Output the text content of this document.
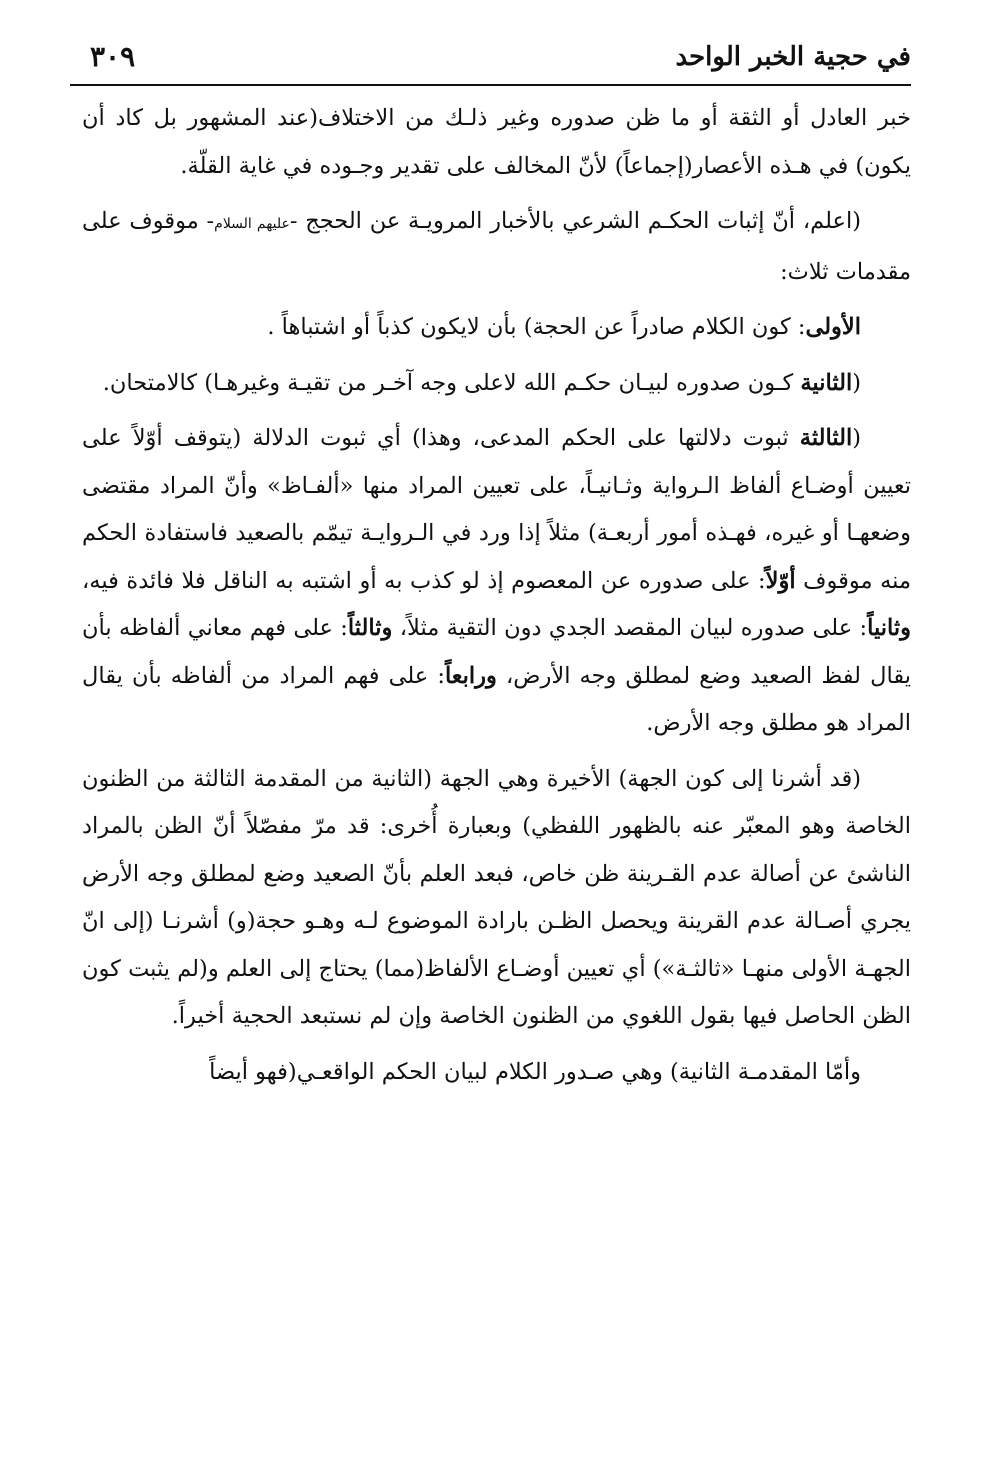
في حجية الخبر الواحد
٣٠٩

خبر العادل أو الثقة أو ما ظن صدوره وغير ذلـك من الاختلاف(عند المشهور بل كاد أن يكون) في هـذه الأعصار(إجماعاً) لأنّ المخالف على تقدير وجـوده في غاية القلّة.

(اعلم، أنّ إثبات الحكـم الشرعي بالأخبار المرويـة عن الحجج -عليهم السلام- موقوف على مقدمات ثلاث:

الأولى: كون الكلام صادراً عن الحجة) بأن لايكون كذباً أو اشتباهاً .

(الثانية كـون صدوره لبيـان حكـم الله لاعلى وجه آخـر من تقيـة وغيرهـا) كالامتحان.

(الثالثة ثبوت دلالتها على الحكم المدعى، وهذا) أي ثبوت الدلالة (يتوقف أوّلاً على تعيين أوضـاع ألفاظ الـرواية وثـانيـاً، على تعيين المراد منها «ألفـاظ» وأنّ المراد مقتضى وضعهـا أو غيره، فهـذه أمور أربعـة) مثلاً إذا ورد في الـروايـة تيمّم بالصعيد فاستفادة الحكم منه موقوف أوّلاً: على صدوره عن المعصوم إذ لو كذب به أو اشتبه به الناقل فلا فائدة فيه، وثانياً: على صدوره لبيان المقصد الجدي دون التقية مثلاً، وثالثاً: على فهم معاني ألفاظه بأن يقال لفظ الصعيد وضع لمطلق وجه الأرض، ورابعاً: على فهم المراد من ألفاظه بأن يقال المراد هو مطلق وجه الأرض.

(قد أشرنا إلى كون الجهة) الأخيرة وهي الجهة (الثانية من المقدمة الثالثة من الظنون الخاصة وهو المعبّر عنه بالظهور اللفظي) وبعبارة أُخرى: قد مرّ مفصّلاً أنّ الظن بالمراد الناشئ عن أصالة عدم القـرينة ظن خاص، فبعد العلم بأنّ الصعيد وضع لمطلق وجه الأرض يجري أصـالة عدم القرينة ويحصل الظـن بارادة الموضوع لـه وهـو حجة(و) أشرنـا (إلى انّ الجهـة الأولى منهـا «ثالثـة») أي تعيين أوضـاع الألفاظ(مما) يحتاج إلى العلم و(لم يثبت كون الظن الحاصل فيها بقول اللغوي من الظنون الخاصة وإن لم نستبعد الحجية أخيراً.

وأمّا المقدمـة الثانية) وهي صـدور الكلام لبيان الحكم الواقعـي(فهو أيضاً
